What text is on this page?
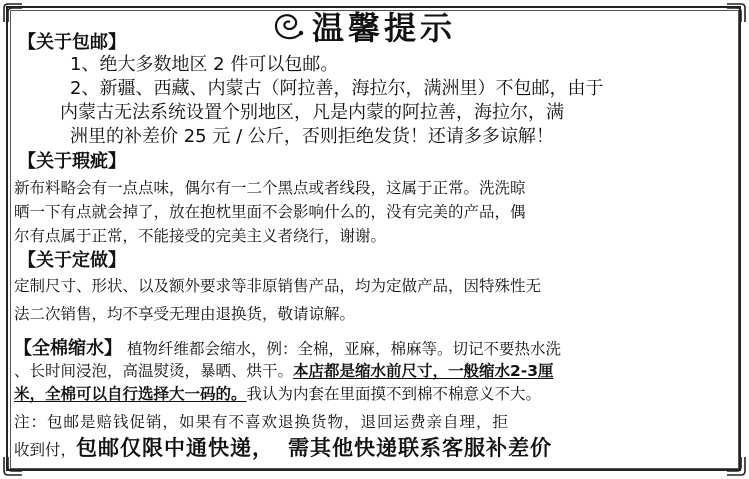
温馨提示
【关于包邮】
1、绝大多数地区 2 件可以包邮。
2、新疆、西藏、内蒙古（阿拉善，海拉尔，满洲里）不包邮，由于
内蒙古无法系统设置个别地区，凡是内蒙的阿拉善，海拉尔，满
洲里的补差价 25 元 / 公斤，否则拒绝发货！还请多多谅解！
【关于瑕疵】
新布料略会有一点点味，偶尔有一二个黑点或者线段，这属于正常。洗洗晾
晒一下有点就会掉了，放在抱枕里面不会影响什么的，没有完美的产品，偶
尔有点属于正常，不能接受的完美主义者绕行，谢谢。
【关于定做】
定制尺寸、形状、以及额外要求等非原销售产品，均为定做产品，因特殊性无
法二次销售，均不享受无理由退换货，敬请谅解。
【全棉缩水】 植物纤维都会缩水，例：全棉，亚麻，棉麻等。切记不要热水洗
、长时间浸泡，高温熨烫，暴晒、烘干。本店都是缩水前尺寸，一般缩水2-3厘
米，全棉可以自行选择大一码的。我认为内套在里面摸不到棉不棉意义不大。
注：包邮是赔钱促销，如果有不喜欢退换货物，退回运费亲自理，拒
收到付，包邮仅限中通快递， 需其他快递联系客服补差价
